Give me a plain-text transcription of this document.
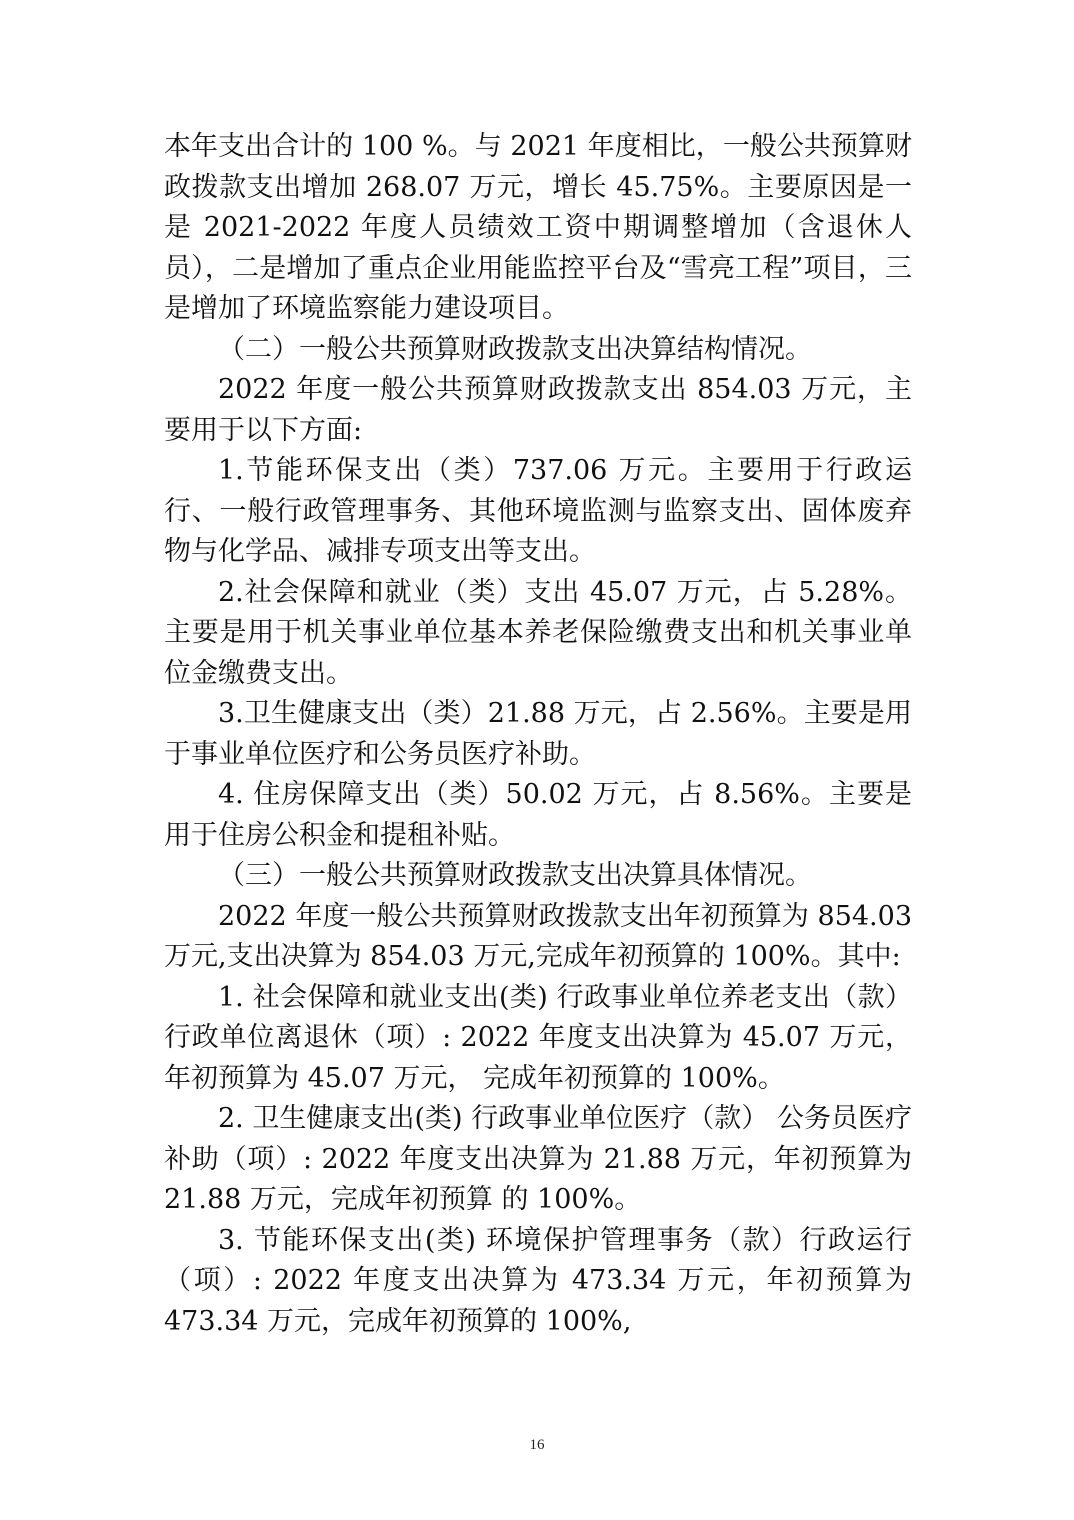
本年支出合计的 100 %。与 2021 年度相比，一般公共预算财政拨款支出增加 268.07 万元，增长 45.75%。主要原因是一是 2021-2022 年度人员绩效工资中期调整增加（含退休人员），二是增加了重点企业用能监控平台及“雪亮工程”项目，三是增加了环境监察能力建设项目。

（二）一般公共预算财政拨款支出决算结构情况。

2022 年度一般公共预算财政拨款支出 854.03 万元，主要用于以下方面:

1.节能环保支出（类）737.06 万元。主要用于行政运行、一般行政管理事务、其他环境监测与监察支出、固体废弃物与化学品、减排专项支出等支出。

2.社会保障和就业（类）支出 45.07 万元，占 5.28%。主要是用于机关事业单位基本养老保险缴费支出和机关事业单位金缴费支出。

3.卫生健康支出（类）21.88 万元，占 2.56%。主要是用于事业单位医疗和公务员医疗补助。

4. 住房保障支出（类）50.02 万元，占 8.56%。主要是用于住房公积金和提租补贴。

（三）一般公共预算财政拨款支出决算具体情况。

2022 年度一般公共预算财政拨款支出年初预算为 854.03 万元,支出决算为 854.03 万元,完成年初预算的 100%。其中:

1. 社会保障和就业支出(类) 行政事业单位养老支出（款）行政单位离退休（项）: 2022 年度支出决算为 45.07 万元，年初预算为 45.07 万元， 完成年初预算的 100%。

2. 卫生健康支出(类) 行政事业单位医疗（款） 公务员医疗补助（项）: 2022 年度支出决算为 21.88 万元，年初预算为 21.88 万元，完成年初预算 的 100%。

3. 节能环保支出(类) 环境保护管理事务（款）行政运行（项）: 2022 年度支出决算为 473.34 万元，年初预算为 473.34 万元，完成年初预算的 100%,

16
